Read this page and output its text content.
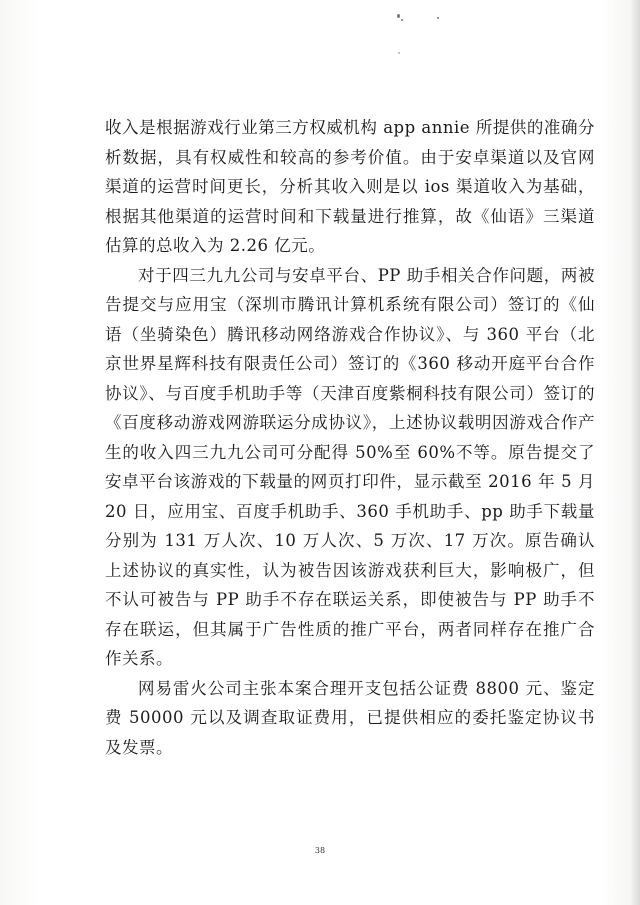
收入是根据游戏行业第三方权威机构 app annie 所提供的准确分析数据，具有权威性和较高的参考价值。由于安卓渠道以及官网渠道的运营时间更长，分析其收入则是以 ios 渠道收入为基础，根据其他渠道的运营时间和下载量进行推算，故《仙语》三渠道估算的总收入为 2.26 亿元。

对于四三九九公司与安卓平台、PP 助手相关合作问题，两被告提交与应用宝（深圳市腾讯计算机系统有限公司）签订的《仙语（坐骑染色）腾讯移动网络游戏合作协议》、与 360 平台（北京世界星辉科技有限责任公司）签订的《360 移动开庭平台合作协议》、与百度手机助手等（天津百度紫桐科技有限公司）签订的《百度移动游戏网游联运分成协议》，上述协议载明因游戏合作产生的收入四三九九公司可分配得 50%至 60%不等。原告提交了安卓平台该游戏的下载量的网页打印件，显示截至 2016 年 5 月 20 日，应用宝、百度手机助手、360 手机助手、pp 助手下载量分别为 131 万人次、10 万人次、5 万次、17 万次。原告确认上述协议的真实性，认为被告因该游戏获利巨大，影响极广，但不认可被告与 PP 助手不存在联运关系，即使被告与 PP 助手不存在联运，但其属于广告性质的推广平台，两者同样存在推广合作关系。

网易雷火公司主张本案合理开支包括公证费 8800 元、鉴定费 50000 元以及调查取证费用，已提供相应的委托鉴定协议书及发票。

38
